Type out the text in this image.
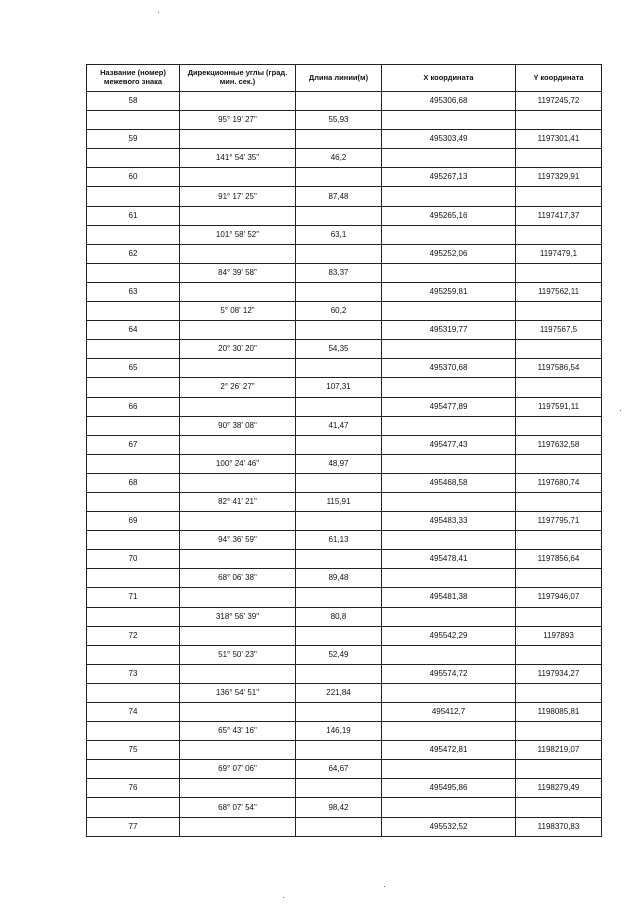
Название (номер) межевого знака	Дирекционные углы (град. мин. сек.)	Длина линии(м)	X координата	Y координата
58			495306,68	1197245,72
	95° 19' 27"	55,93		
59			495303,49	1197301,41
	141° 54' 35"	46,2		
60			495267,13	1197329,91
	91° 17' 25"	87,48		
61			495265,16	1197417,37
	101° 58' 52"	63,1		
62			495252,06	1197479,1
	84° 39' 58"	83,37		
63			495259,81	1197562,11
	5° 08' 12"	60,2		
64			495319,77	1197567,5
	20° 30' 20"	54,35		
65			495370,68	1197586,54
	2° 26' 27"	107,31		
66			495477,89	1197591,11
	90° 38' 08"	41,47		
67			495477,43	1197632,58
	100° 24' 46"	48,97		
68			495468,58	1197680,74
	82° 41' 21"	115,91		
69			495483,33	1197795,71
	94° 36' 59"	61,13		
70			495478,41	1197856,64
	68° 06' 38"	89,48		
71			495481,38	1197946,07
	318° 56' 39"	80,8		
72			495542,29	1197893
	51° 50' 23"	52,49		
73			495574,72	1197934,27
	136° 54' 51"	221,84		
74			495412,7	1198085,81
	65° 43' 16"	146,19		
75			495472,81	1198219,07
	69° 07' 06"	64,67		
76			495495,86	1198279,49
	68° 07' 54"	98,42		
77			495532,52	1198370,83
